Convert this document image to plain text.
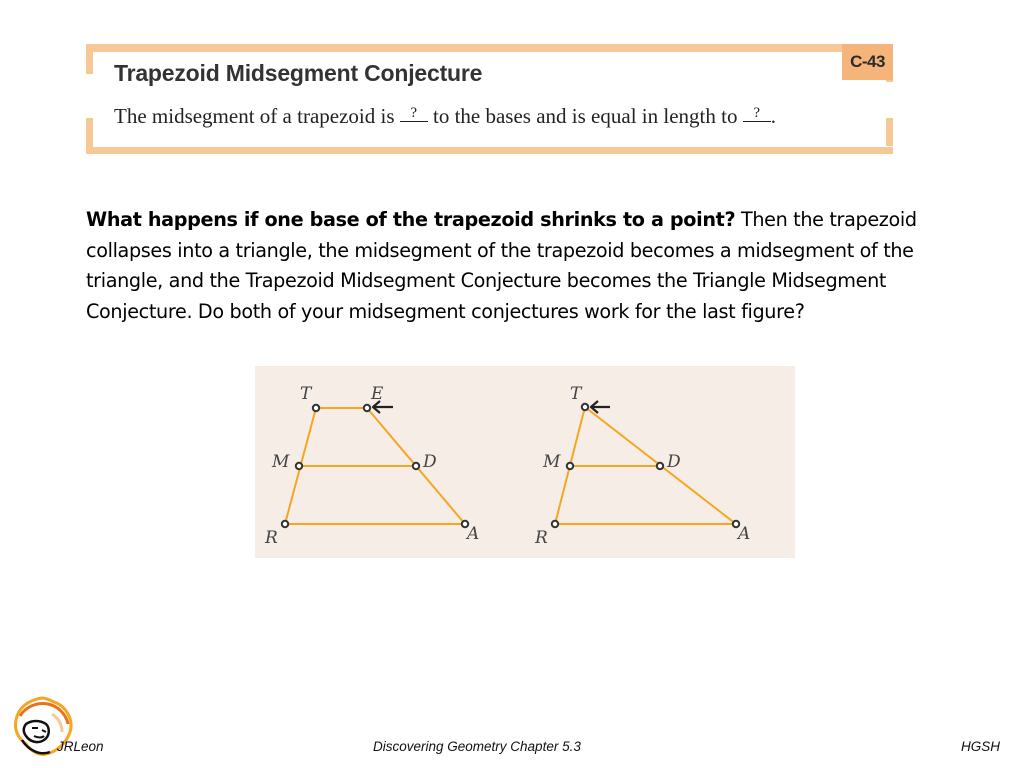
C-43
Trapezoid Midsegment Conjecture
The midsegment of a trapezoid is ? to the bases and is equal in length to ? .
What happens if one base of the trapezoid shrinks to a point? Then the trapezoid collapses into a triangle, the midsegment of the trapezoid becomes a midsegment of the triangle, and the Trapezoid Midsegment Conjecture becomes the Triangle Midsegment Conjecture. Do both of your midsegment conjectures work for the last figure?
T	E
M	D
R	A
T
M	D
R	A
JRLeon	Discovering Geometry Chapter 5.3	HGSH
